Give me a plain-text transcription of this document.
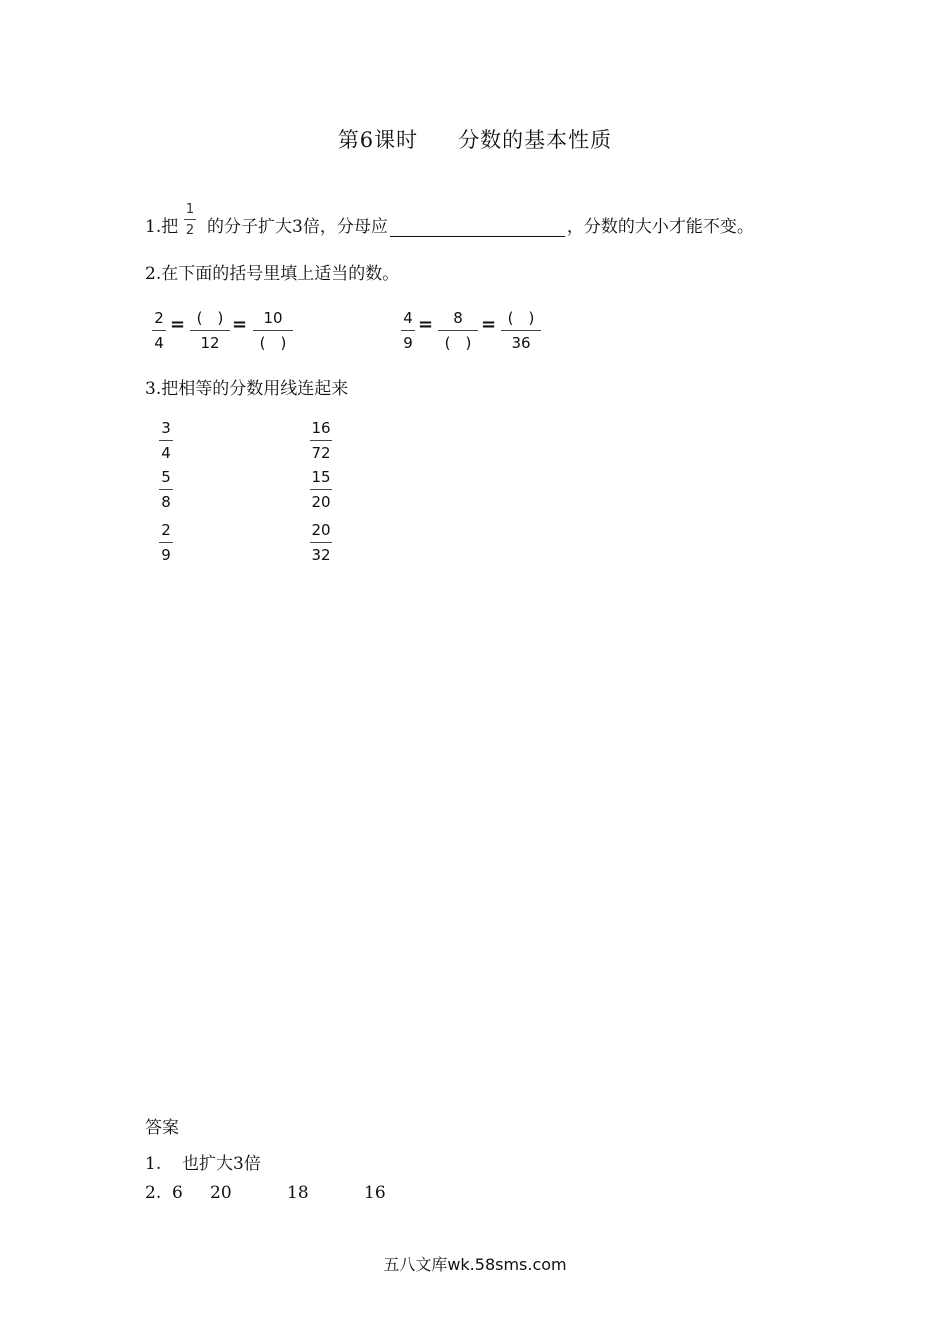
第6课时 分数的基本性质
1.把
1
2 的分子扩大3倍，分母应	，分数的大小才能不变。
2.在下面的括号里填上适当的数。
2
4
= (　)
12
= 10
(　)
4
9
= 8
(　)
= (　)
36
3.把相等的分数用线连起来
3
4
5
8
2
9
16
72
15
20
20
32
答案
1. 也扩大3倍
2. 6 20	18	16
五八文库wk.58sms.com
